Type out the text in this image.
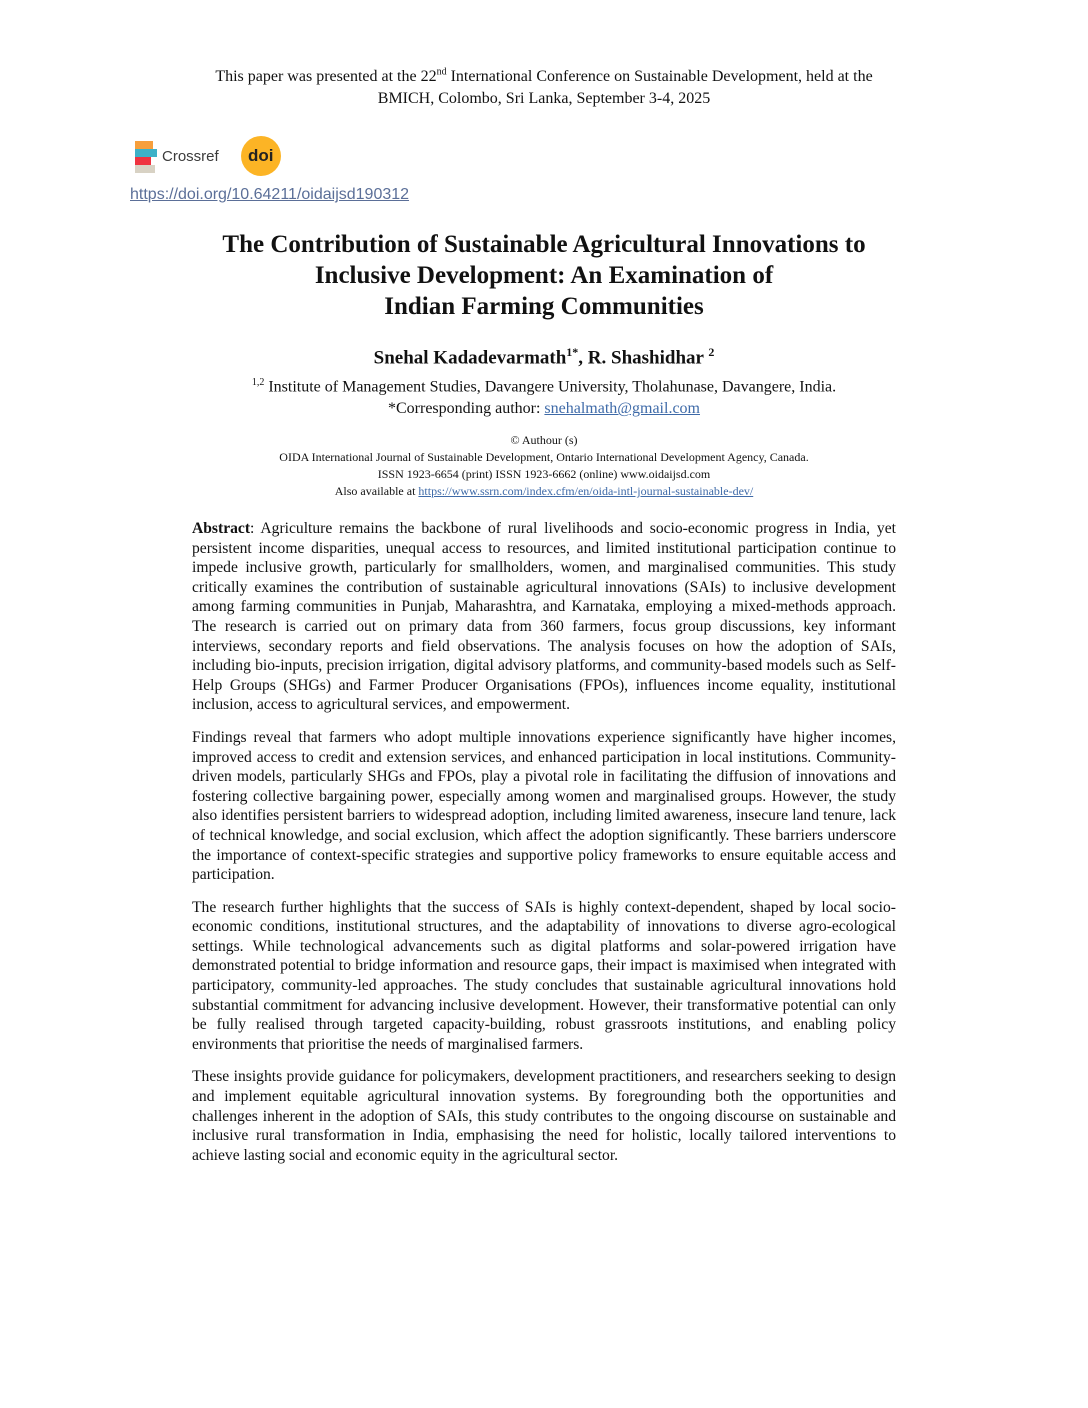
This paper was presented at the 22nd International Conference on Sustainable Development, held at the
BMICH, Colombo, Sri Lanka, September 3-4, 2025
Crossref doi
https://doi.org/10.64211/oidaijsd190312
The Contribution of Sustainable Agricultural Innovations to
Inclusive Development: An Examination of
Indian Farming Communities
Snehal Kadadevarmath$^{1*}$, R. Shashidhar $^2$
$^{1,2}$ Institute of Management Studies, Davangere University, Tholahunase, Davangere, India.
*Corresponding author: snehalmath@gmail.com
© Authour (s)
OIDA International Journal of Sustainable Development, Ontario International Development Agency, Canada.
ISSN 1923-6654 (print) ISSN 1923-6662 (online) www.oidaijsd.com
Also available at https://www.ssrn.com/index.cfm/en/oida-intl-journal-sustainable-dev/

Abstract: Agriculture remains the backbone of rural livelihoods and socio-economic progress in India, yet persistent income disparities, unequal access to resources, and limited institutional participation continue to impede inclusive growth, particularly for smallholders, women, and marginalised communities. This study critically examines the contribution of sustainable agricultural innovations (SAIs) to inclusive development among farming communities in Punjab, Maharashtra, and Karnataka, employing a mixed-methods approach. The research is carried out on primary data from 360 farmers, focus group discussions, key informant interviews, secondary reports and field observations. The analysis focuses on how the adoption of SAIs, including bio-inputs, precision irrigation, digital advisory platforms, and community-based models such as Self-Help Groups (SHGs) and Farmer Producer Organisations (FPOs), influences income equality, institutional inclusion, access to agricultural services, and empowerment.

Findings reveal that farmers who adopt multiple innovations experience significantly have higher incomes, improved access to credit and extension services, and enhanced participation in local institutions. Community-driven models, particularly SHGs and FPOs, play a pivotal role in facilitating the diffusion of innovations and fostering collective bargaining power, especially among women and marginalised groups. However, the study also identifies persistent barriers to widespread adoption, including limited awareness, insecure land tenure, lack of technical knowledge, and social exclusion, which affect the adoption significantly. These barriers underscore the importance of context-specific strategies and supportive policy frameworks to ensure equitable access and participation.

The research further highlights that the success of SAIs is highly context-dependent, shaped by local socio-economic conditions, institutional structures, and the adaptability of innovations to diverse agro-ecological settings. While technological advancements such as digital platforms and solar-powered irrigation have demonstrated potential to bridge information and resource gaps, their impact is maximised when integrated with participatory, community-led approaches. The study concludes that sustainable agricultural innovations hold substantial commitment for advancing inclusive development. However, their transformative potential can only be fully realised through targeted capacity-building, robust grassroots institutions, and enabling policy environments that prioritise the needs of marginalised farmers.

These insights provide guidance for policymakers, development practitioners, and researchers seeking to design and implement equitable agricultural innovation systems. By foregrounding both the opportunities and challenges inherent in the adoption of SAIs, this study contributes to the ongoing discourse on sustainable and inclusive rural transformation in India, emphasising the need for holistic, locally tailored interventions to achieve lasting social and economic equity in the agricultural sector.
